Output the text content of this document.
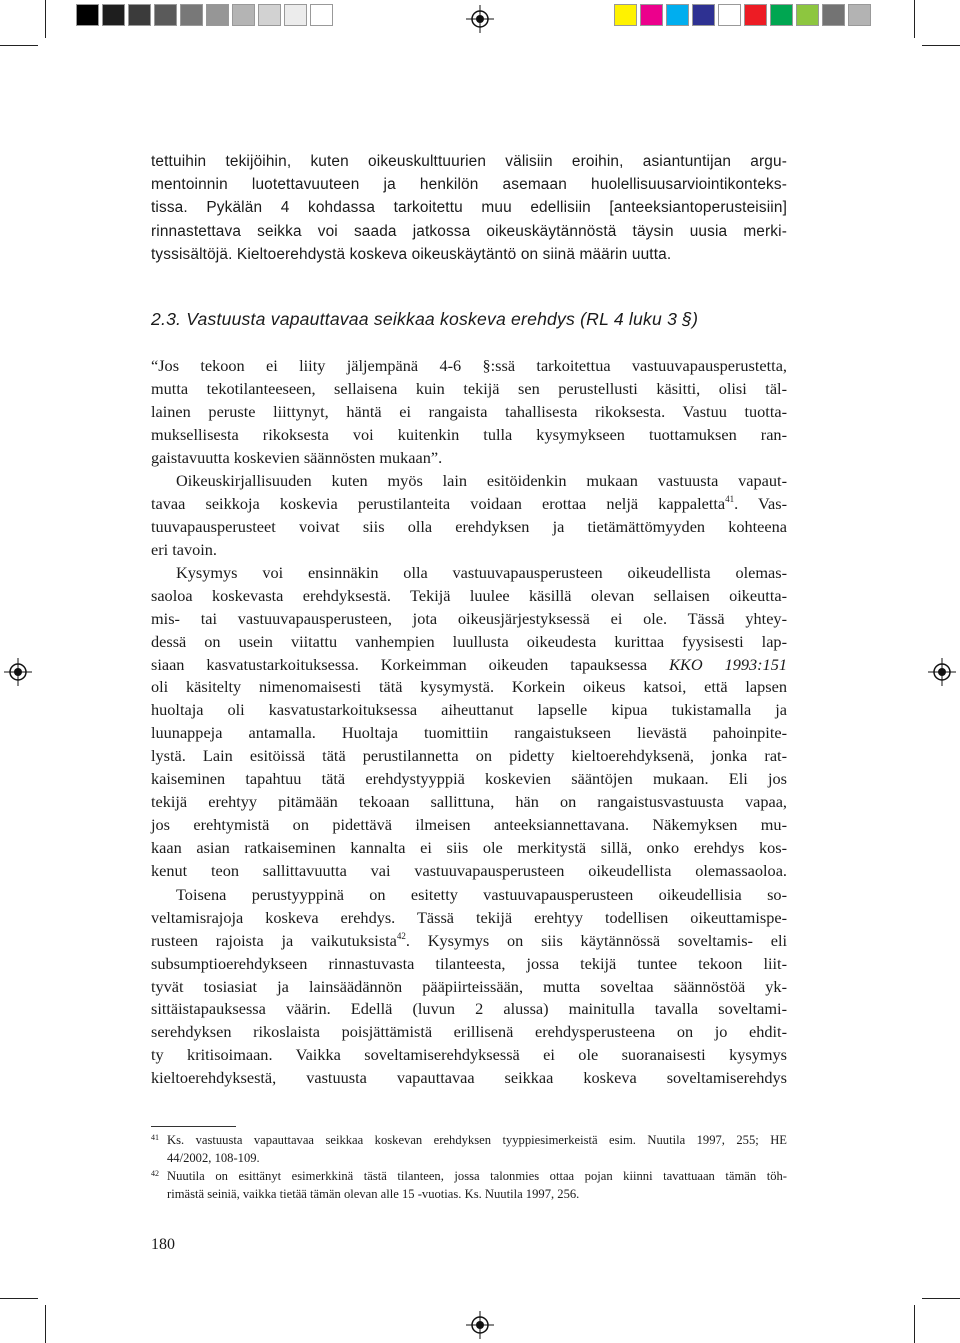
tettuihin tekijöihin, kuten oikeuskulttuurien välisiin eroihin, asiantuntijan argu-
mentoinnin luotettavuuteen ja henkilön asemaan huolellisuusarviointikonteks-
tissa. Pykälän 4 kohdassa tarkoitettu muu edellisiin [anteeksiantoperusteisiin]
rinnastettava seikka voi saada jatkossa oikeuskäytännöstä täysin uusia merki-
tyssisältöjä. Kieltoerehdystä koskeva oikeuskäytäntö on siinä määrin uutta.
2.3. Vastuusta vapauttavaa seikkaa koskeva erehdys (RL 4 luku 3 §)
“Jos tekoon ei liity jäljempänä 4-6 §:ssä tarkoitettua vastuuvapausperustetta,
mutta tekotilanteeseen, sellaisena kuin tekijä sen perustellusti käsitti, olisi täl-
lainen peruste liittynyt, häntä ei rangaista tahallisesta rikoksesta. Vastuu tuotta-
muksellisesta rikoksesta voi kuitenkin tulla kysymykseen tuottamuksen ran-
gaistavuutta koskevien säännösten mukaan”.
Oikeuskirjallisuuden kuten myös lain esitöidenkin mukaan vastuusta vapaut-
tavaa seikkoja koskevia perustilanteita voidaan erottaa neljä kappaletta$^{41}$. Vas-
tuuvapausperusteet voivat siis olla erehdyksen ja tietämättömyyden kohteena
eri tavoin.
Kysymys voi ensinnäkin olla vastuuvapausperusteen oikeudellista olemas-
saoloa koskevasta erehdyksestä. Tekijä luulee käsillä olevan sellaisen oikeutta-
mis- tai vastuuvapausperusteen, jota oikeusjärjestyksessä ei ole. Tässä yhtey-
dessä on usein viitattu vanhempien luullusta oikeudesta kurittaa fyysisesti lap-
siaan kasvatustarkoituksessa. Korkeimman oikeuden tapauksessa KKO 1993:151
oli käsitelty nimenomaisesti tätä kysymystä. Korkein oikeus katsoi, että lapsen
huoltaja oli kasvatustarkoituksessa aiheuttanut lapselle kipua tukistamalla ja
luunappeja antamalla. Huoltaja tuomittiin rangaistukseen lievästä pahoinpite-
lystä. Lain esitöissä tätä perustilannetta on pidetty kieltoerehdyksenä, jonka rat-
kaiseminen tapahtuu tätä erehdystyyppiä koskevien sääntöjen mukaan. Eli jos
tekijä erehtyy pitämään tekoaan sallittuna, hän on rangaistusvastuusta vapaa,
jos erehtymistä on pidettävä ilmeisen anteeksiannettavana. Näkemyksen mu-
kaan asian ratkaiseminen kannalta ei siis ole merkitystä sillä, onko erehdys kos-
kenut teon sallittavuutta vai vastuuvapausperusteen oikeudellista olemassaoloa.
Toisena perustyyppinä on esitetty vastuuvapausperusteen oikeudellisia so-
veltamisrajoja koskeva erehdys. Tässä tekijä erehtyy todellisen oikeuttamispe-
rusteen rajoista ja vaikutuksista$^{42}$. Kysymys on siis käytännössä soveltamis- eli
subsumptioerehdykseen rinnastuvasta tilanteesta, jossa tekijä tuntee tekoon liit-
tyvät tosiasiat ja lainsäädännön pääpiirteissään, mutta soveltaa säännöstöä yk-
sittäistapauksessa väärin. Edellä (luvun 2 alussa) mainitulla tavalla soveltami-
serehdyksen rikoslaista poisjättämistä erillisenä erehdysperusteena on jo ehdit-
ty kritisoimaan. Vaikka soveltamiserehdyksessä ei ole suoranaisesti kysymys
kieltoerehdyksestä, vastuusta vapauttavaa seikkaa koskeva soveltamiserehdys
41 Ks. vastuusta vapauttavaa seikkaa koskevan erehdyksen tyyppiesimerkeistä esim. Nuutila 1997, 255; HE
44/2002, 108-109.
42 Nuutila on esittänyt esimerkkinä tästä tilanteen, jossa talonmies ottaa pojan kiinni tavattuaan tämän töh-
rimästä seiniä, vaikka tietää tämän olevan alle 15 -vuotias. Ks. Nuutila 1997, 256.
180
